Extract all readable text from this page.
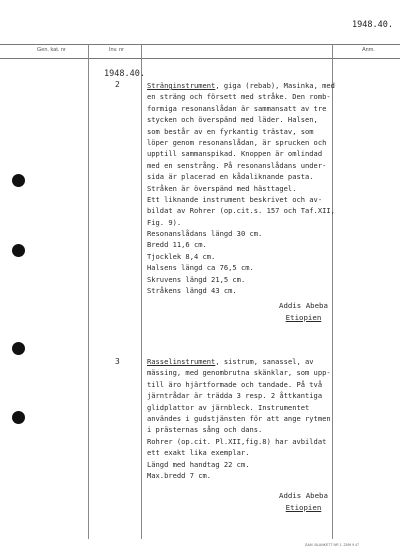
1948.40.
Gen. kat. nr	Inv. nr	Anm.
1948.40.
2	Stränginstrument, giga (rebab), Masinka, med
en sträng och försett med stråke. Den romb-
formiga resonanslådan är sammansatt av tre
stycken och överspänd med läder. Halsen,
som består av en fyrkantig trästav, som
löper genom resonanslådan, är sprucken och
upptill sammanspikad. Knoppen är omlindad
med en senstrång. På resonanslådans under-
sida är placerad en kådaliknande pasta.
Stråken är överspänd med hästtagel.
Ett liknande instrument beskrivet och av-
bildat av Rohrer (op.cit.s. 157 och Taf.XII,
Fig. 9).
Resonanslådans längd 30 cm.
Bredd 11,6 cm.
Tjocklek 8,4 cm.
Halsens längd ca 76,5 cm.
Skruvens längd 21,5 cm.
Stråkens längd 43 cm.
Addis Abeba
Etiopien
3	Rasselinstrument, sistrum, sanassel, av
mässing, med genombrutna skänklar, som upp-
till äro hjärtformade och tandade. På två
järntrådar är trädda 3 resp. 2 åttkantiga
glidplattor av järnbleck. Instrumentet
användes i gudstjänsten för att ange rytmen
i prästernas sång och dans.
Rohrer (op.cit. Pl.XII,fig.8) har avbildat
ett exakt lika exemplar.
Längd med handtag 22 cm.
Max.bredd 7 cm.
Addis Abeba
Etiopien
SAM. BLANKETT NR 1. 2399 9 47
